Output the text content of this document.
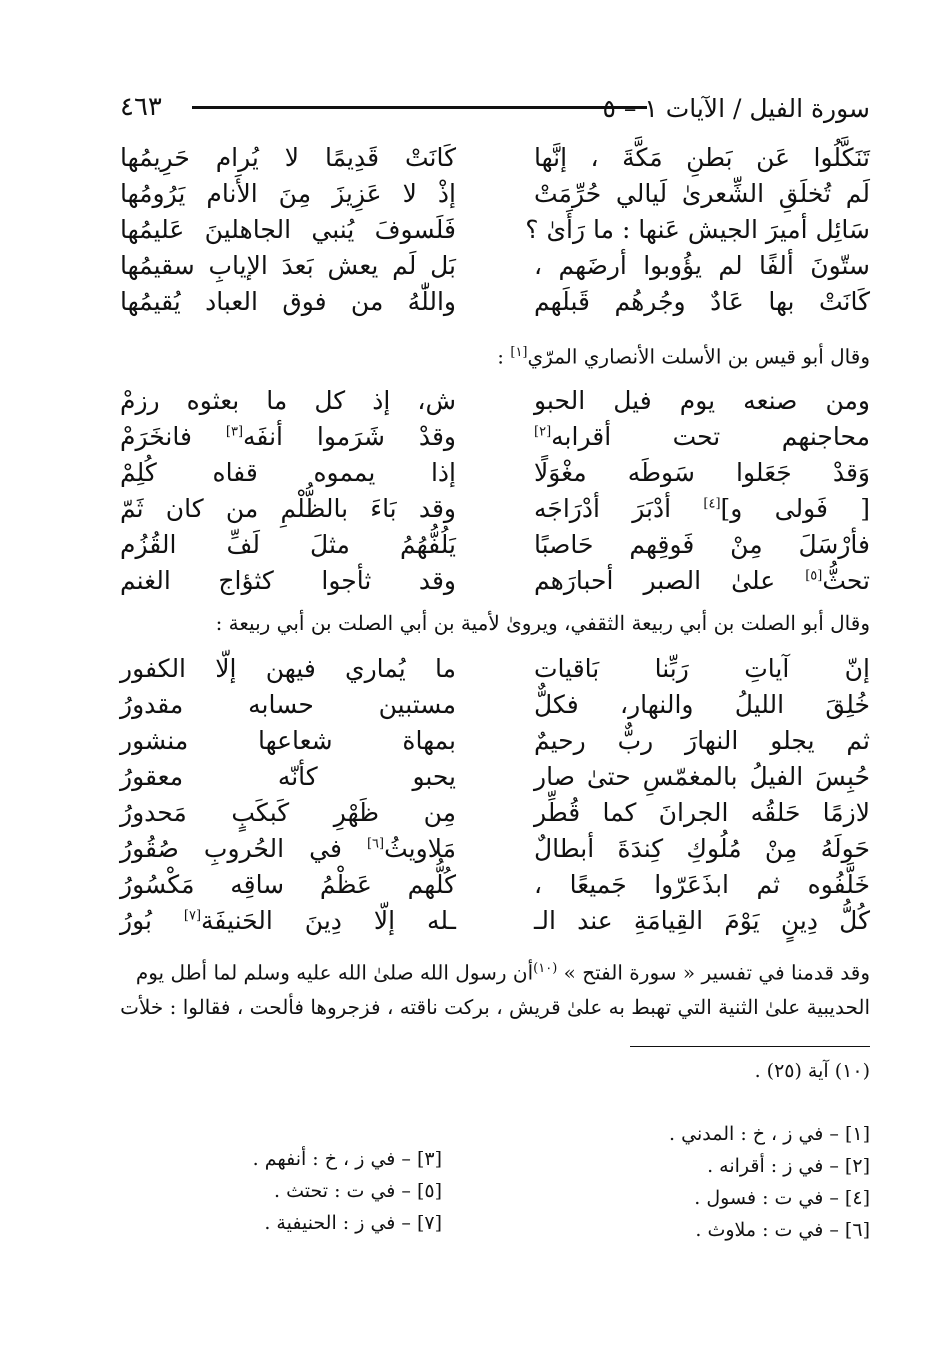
سورة الفيل / الآيات ١ – ٥
٤٦٣
تَنَكَّلُوا عَن بَطنِ مَكَّةَ ، إنَّها
كَانَتْ قَدِيمًا لا يُرام حَرِيمُها
لَم تُخلَقِ الشِّعرىٰ لَيالي حُرِّمَتْ
إذْ لا عَزِيزَ مِنَ الأَنام يَرُومُها
سَائِل أميرَ الجيش عَنها : ما رَأَىٰ ؟
فَلَسوفَ يُنبي الجاهلينَ عَليمُها
ستّونَ ألفًا لم يؤُوبوا أرضَهم ،
بَل لَم يعش بَعدَ الإيابِ سقيمُها
كَانَتْ بها عَادٌ وجُرهُم قَبلَهم
واللّٰهُ من فوق العباد يُقيمُها
وقال أبو قيس بن الأسلت الأنصاري المرّي[١] :
ومن صنعه يوم فيل الحبو
ش، إذ كل ما بعثوه رزمْ
محاجنهم تحت أقرابه[٢]
وقدْ شَرَموا أنفَه[٣] فانخَرَمْ
وَقدْ جَعَلوا سَوطَه مغْوَلًا
إذا يمموه قفاه كُلِمْ
[ فَولى و][٤] أدْبَرَ أدْرَاجَه
وقد بَاءَ بالظُّلْمِ من كان ثَمّ
فأرْسَلَ مِنْ فَوقِهم حَاصبًا
يَلُفُّهُمُ مثلَ لَفِّ القُزُم
تحثُّ[٥] علىٰ الصبر أحبارَهم
وقد ثأجوا كثؤاج الغنم
وقال أبو الصلت بن أبي ربيعة الثقفي، ويروىٰ لأمية بن أبي الصلت بن أبي ربيعة :
إنّ آياتِ رَبِّنا بَاقيات
ما يُماري فيهن إلّا الكفور
خُلِقَ الليلُ والنهار، فكلٌّ
مستبين حسابه مقدورُ
ثم يجلو النهارَ ربٌّ رحيمٌ
بمهاة شعاعها منشور
حُبِسَ الفيلُ بالمغمّسِ حتىٰ صار
يحبو كأنّه معقورُ
لازمًا حَلقُه الجرانَ كما قُطِّر
مِن ظَهْرِ كَبكَبٍ مَحدورُ
حَولَهُ مِنْ مُلُوكِ كِندَةَ أبطالٌ
مَلاويثُ[٦] في الحُروبِ صُقُورُ
خَلَّفُوه ثم ابذَعَرّوا جَميعًا ،
كُلُّهم عَظْمُ ساقِه مَكْسُورُ
كُلُّ دِينٍ يَوْمَ القِيامَةِ عند الـ
ـله إلّا دِينَ الحَنيفَة[٧] بُورُ
وقد قدمنا في تفسير « سورة الفتح » $^{(١٠)}$أن رسول الله صلىٰ الله عليه وسلم لما أطل يوم
الحديبية علىٰ الثنية التي تهبط به علىٰ قريش ، بركت ناقته ، فزجروها فألحت ، فقالوا : خلأت
(١٠) آية (٢٥) .
[١] – في ز ، خ : المدني .
[٢] – في ز : أقرانه .
[٤] – في ت : فسول .
[٦] – في ت : ملاوث .
[٣] – في ز ، خ : أنفهم .
[٥] – في ت : تحتث .
[٧] – في ز : الحنيفية .
